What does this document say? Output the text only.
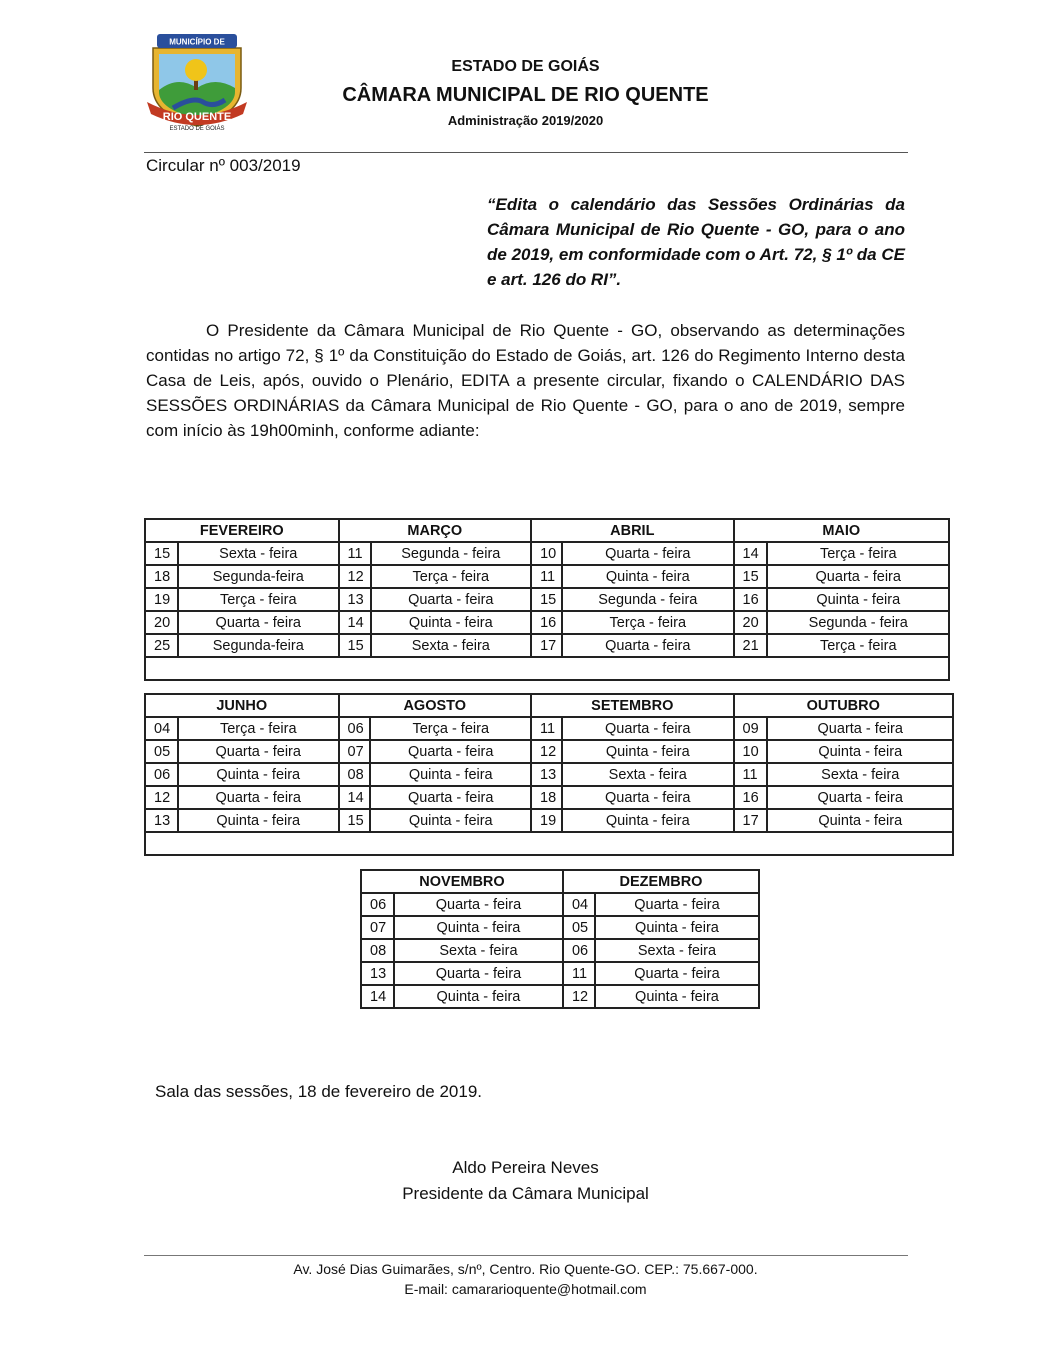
MUNICÍPIO DE
RIO QUENTE
ESTADO DE GOIÁS
ESTADO DE GOIÁS
CÂMARA MUNICIPAL DE RIO QUENTE
Administração 2019/2020
Circular nº 003/2019
“Edita o calendário das Sessões Ordinárias da Câmara Municipal de Rio Quente - GO, para o ano de 2019, em conformidade com o Art. 72, § 1º da CE e art. 126 do RI”.
O Presidente da Câmara Municipal de Rio Quente - GO, observando as determinações contidas no artigo 72, § 1º da Constituição do Estado de Goiás, art. 126 do Regimento Interno desta Casa de Leis, após, ouvido o Plenário, EDITA a presente circular, fixando o CALENDÁRIO DAS SESSÕES ORDINÁRIAS da Câmara Municipal de Rio Quente - GO, para o ano de 2019, sempre com início às 19h00minh, conforme adiante:
FEVEREIRO		MARÇO		ABRIL		MAIO	
15	Sexta - feira	11	Segunda - feira	10	Quarta - feira	14	Terça - feira
18	Segunda-feira	12	Terça - feira	11	Quinta - feira	15	Quarta - feira
19	Terça - feira	13	Quarta - feira	15	Segunda - feira	16	Quinta - feira
20	Quarta - feira	14	Quinta - feira	16	Terça - feira	20	Segunda - feira
25	Segunda-feira	15	Sexta - feira	17	Quarta - feira	21	Terça - feira

JUNHO		AGOSTO		SETEMBRO		OUTUBRO	
04	Terça - feira	06	Terça - feira	11	Quarta - feira	09	Quarta - feira
05	Quarta - feira	07	Quarta - feira	12	Quinta - feira	10	Quinta - feira
06	Quinta - feira	08	Quinta - feira	13	Sexta - feira	11	Sexta - feira
12	Quarta - feira	14	Quarta - feira	18	Quarta - feira	16	Quarta - feira
13	Quinta - feira	15	Quinta - feira	19	Quinta - feira	17	Quinta - feira

NOVEMBRO		DEZEMBRO	
06	Quarta - feira	04	Quarta - feira
07	Quinta - feira	05	Quinta - feira
08	Sexta - feira	06	Sexta - feira
13	Quarta - feira	11	Quarta - feira
14	Quinta - feira	12	Quinta - feira
Sala das sessões, 18 de fevereiro de 2019.
Aldo Pereira Neves
Presidente da Câmara Municipal
Av. José Dias Guimarães, s/nº, Centro. Rio Quente-GO. CEP.: 75.667-000.
E-mail: camararioquente@hotmail.com
